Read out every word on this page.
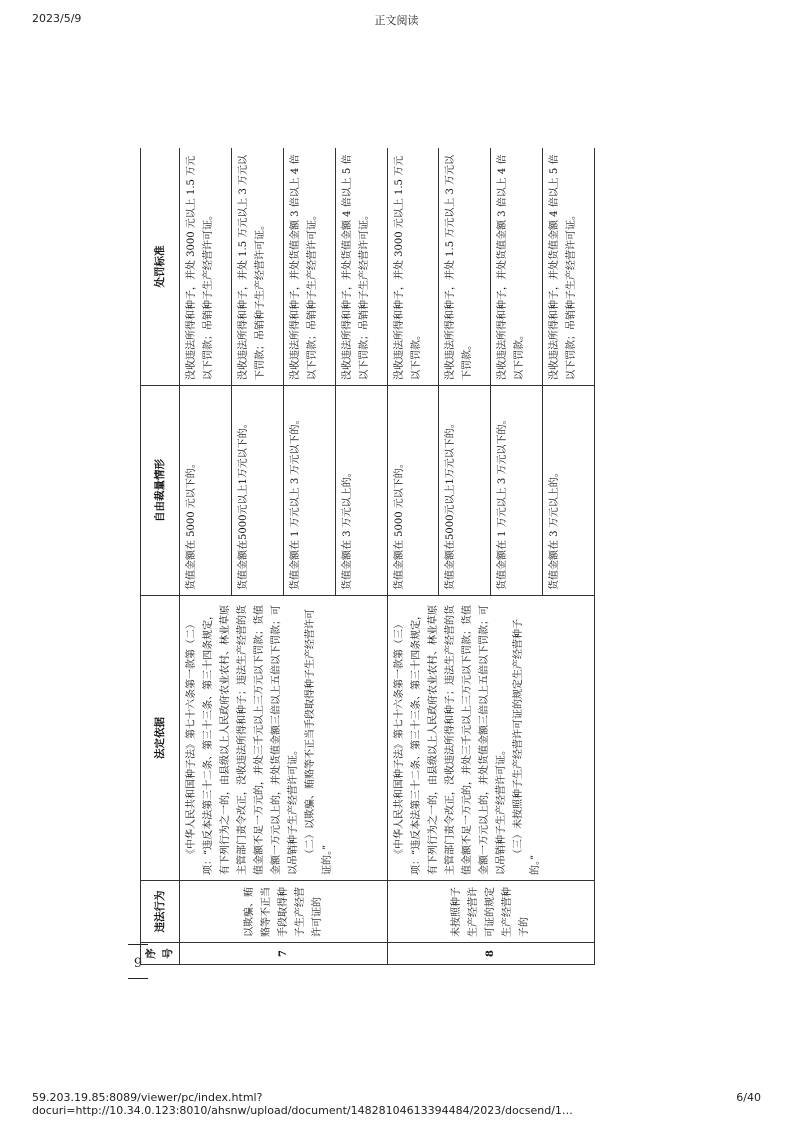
2023/5/9	正文阅读
9
序号	违法行为	法定依据	自由裁量情形	处罚标准
7	以欺骗、贿赂等不正当手段取得种子生产经营许可证的	《中华人民共和国种子法》第七十六条第一款第（二）项：“违反本法第三十二条、第三十三条、第三十四条规定，有下列行为之一的，由县级以上人民政府农业农村、林业草原主管部门责令改正，没收违法所得和种子；违法生产经营的货值金额不足一万元的，并处三千元以上三万元以下罚款；货值金额一万元以上的，并处货值金额三倍以上五倍以下罚款；可以吊销种子生产经营许可证。 （二）以欺骗、贿赂等不正当手段取得种子生产经营许可证的。”	货值金额在 5000 元以下的。	没收违法所得和种子，并处 3000 元以上 1.5 万元以下罚款；吊销种子生产经营许可证。
			货值金额在5000元以上1万元以下的。	没收违法所得和种子，并处 1.5 万元以上 3 万元以下罚款；吊销种子生产经营许可证。
			货值金额在 1 万元以上 3 万元以下的。	没收违法所得和种子，并处货值金额 3 倍以上 4 倍以下罚款；吊销种子生产经营许可证。
			货值金额在 3 万元以上的。	没收违法所得和种子，并处货值金额 4 倍以上 5 倍以下罚款；吊销种子生产经营许可证。
8	未按照种子生产经营许可证的规定生产经营种子的	《中华人民共和国种子法》第七十六条第一款第（三）项：“违反本法第三十二条、第三十三条、第三十四条规定，有下列行为之一的，由县级以上人民政府农业农村、林业草原主管部门责令改正，没收违法所得和种子；违法生产经营的货值金额不足一万元的，并处三千元以上三万元以下罚款；货值金额一万元以上的，并处货值金额三倍以上五倍以下罚款；可以吊销种子生产经营许可证。 （三）未按照种子生产经营许可证的规定生产经营种子的。”	货值金额在 5000 元以下的。	没收违法所得和种子，并处 3000 元以上 1.5 万元以下罚款。
			货值金额在5000元以上1万元以下的。	没收违法所得和种子，并处 1.5 万元以上 3 万元以下罚款。
			货值金额在 1 万元以上 3 万元以下的。	没收违法所得和种子，并处货值金额 3 倍以上 4 倍以下罚款。
			货值金额在 3 万元以上的。	没收违法所得和种子，并处货值金额 4 倍以上 5 倍以下罚款；吊销种子生产经营许可证。
59.203.19.85:8089/viewer/pc/index.html?docuri=http://10.34.0.123:8010/ahsnw/upload/document/14828104613394484/2023/docsend/1…
6/40
